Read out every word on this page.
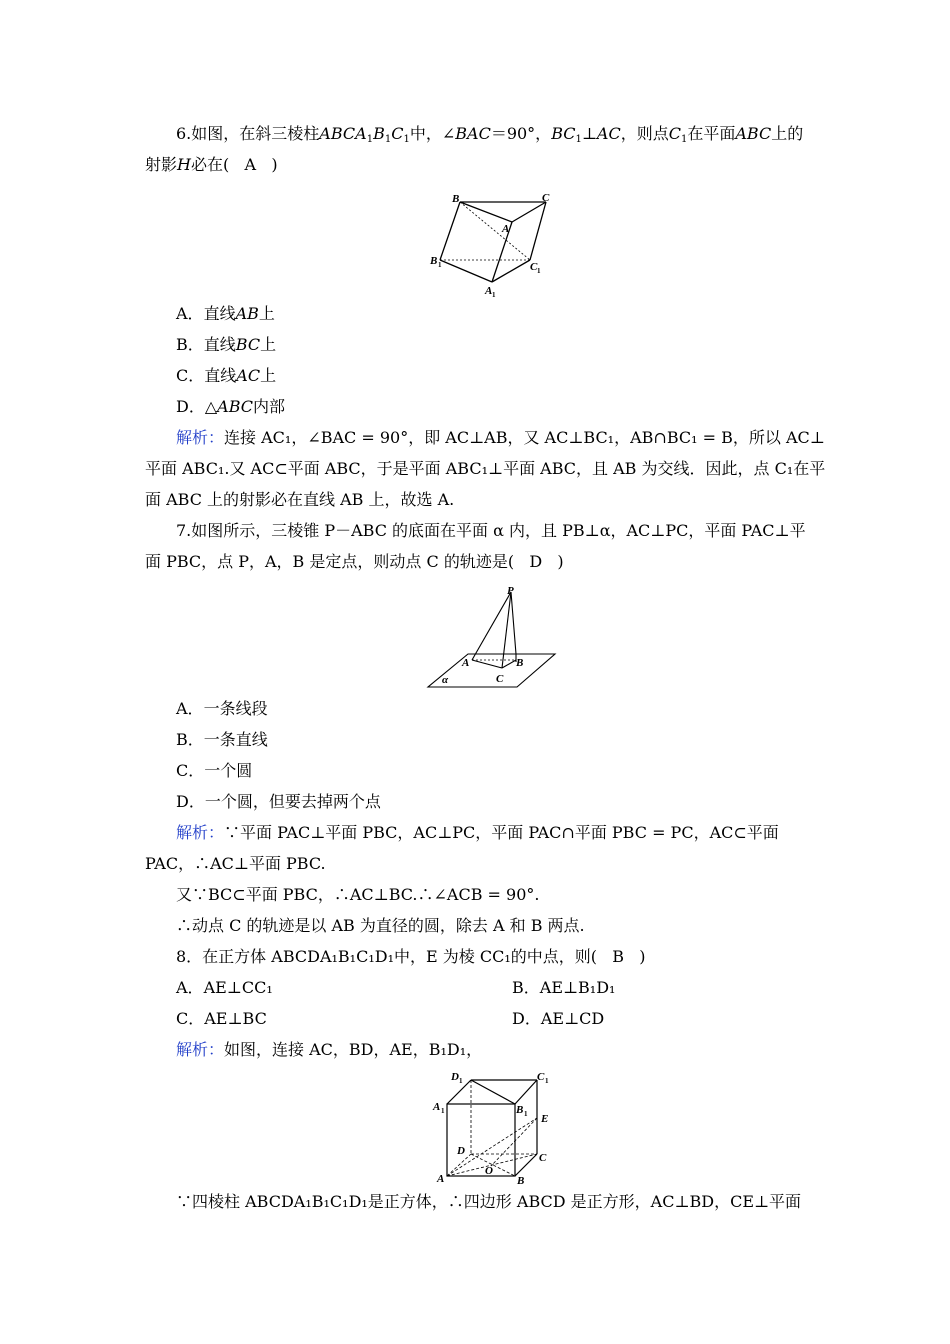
6.如图，在斜三棱柱$ABCA_1B_1C_1$中，∠BAC＝90°，$BC_1\perp AC$，则点$C_1$在平面ABC上的
射影H必在( A )
B	C
A
B 1	C 1
A 1
A．直线AB上
B．直线BC上
C．直线AC上
D．△ABC内部
解析：连接 AC₁，∠BAC = 90°，即 AC⊥AB，又 AC⊥BC₁，AB∩BC₁ = B，所以 AC⊥
平面 ABC₁.又 AC⊂平面 ABC，于是平面 ABC₁⊥平面 ABC，且 AB 为交线．因此，点 C₁在平
面 ABC 上的射影必在直线 AB 上，故选 A.
7.如图所示，三棱锥 P－ABC 的底面在平面 α 内，且 PB⊥α，AC⊥PC，平面 PAC⊥平
面 PBC，点 P，A，B 是定点，则动点 C 的轨迹是( D )
P
A	B
C
α
A．一条线段
B．一条直线
C．一个圆
D．一个圆，但要去掉两个点
解析：∵平面 PAC⊥平面 PBC，AC⊥PC，平面 PAC∩平面 PBC = PC，AC⊂平面
PAC，∴AC⊥平面 PBC.
又∵BC⊂平面 PBC，∴AC⊥BC.∴∠ACB = 90°.
∴动点 C 的轨迹是以 AB 为直径的圆，除去 A 和 B 两点.
8．在正方体 ABCDA₁B₁C₁D₁中，E 为棱 CC₁的中点，则( B )
A．AE⊥CC₁	B．AE⊥B₁D₁
C．AE⊥BC	D．AE⊥CD
解析：如图，连接 AC，BD，AE，B₁D₁，
D 1	C 1
A 1	B 1 E
D
C
A
O
B
∵四棱柱 ABCDA₁B₁C₁D₁是正方体，∴四边形 ABCD 是正方形，AC⊥BD，CE⊥平面
